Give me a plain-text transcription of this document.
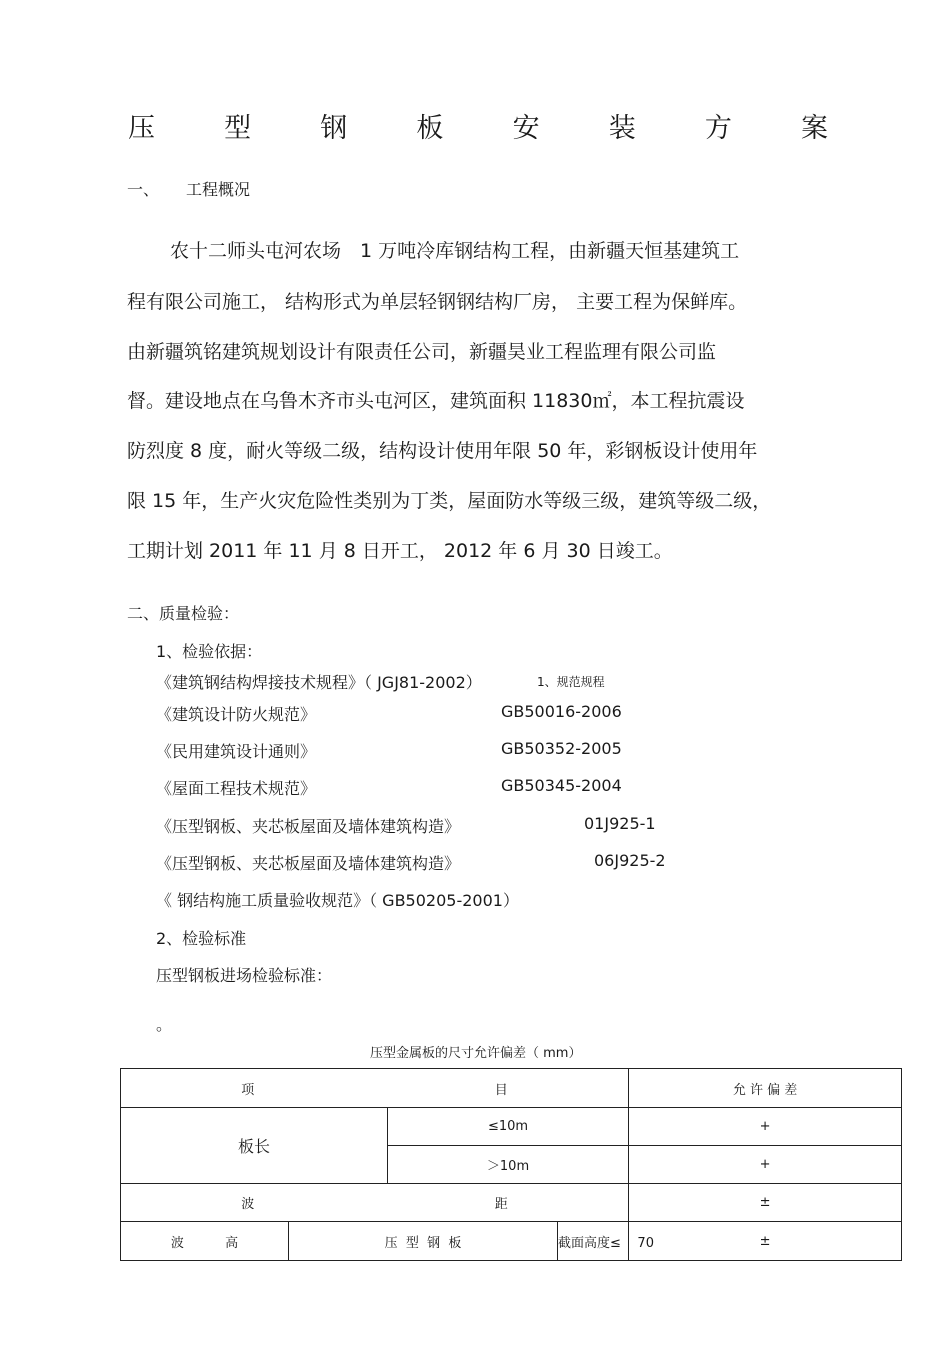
压	型	钢	板	安	装	方	案
一、 工程概况
农十二师头屯河农场　1 万吨冷库钢结构工程，由新疆天恒基建筑工
程有限公司施工， 结构形式为单层轻钢钢结构厂房， 主要工程为保鲜库。
由新疆筑铭建筑规划设计有限责任公司，新疆昊业工程监理有限公司监
督。建设地点在乌鲁木齐市头屯河区，建筑面积 11830㎡，本工程抗震设
防烈度 8 度，耐火等级二级，结构设计使用年限 50 年，彩钢板设计使用年
限 15 年，生产火灾危险性类别为丁类，屋面防水等级三级，建筑等级二级，
工期计划 2011 年 11 月 8 日开工， 2012 年 6 月 30 日竣工。
二、质量检验：
1、检验依据：
《建筑钢结构焊接技术规程》（ JGJ81-2002）	1、规范规程
《建筑设计防火规范》	GB50016-2006
《民用建筑设计通则》	GB50352-2005
《屋面工程技术规范》	GB50345-2004
《压型钢板、夹芯板屋面及墙体建筑构造》	01J925-1
《压型钢板、夹芯板屋面及墙体建筑构造》	06J925-2
《 钢结构施工质量验收规范》（ GB50205-2001）
2、检验标准
压型钢板进场检验标准：
。
压型金属板的尺寸允许偏差（ mm）
项 目				允 许 偏 差
板长		≤10m		+
		＞10m		+

波 距				±
波          高	压  型  钢  板		截面高度≤    70	±
